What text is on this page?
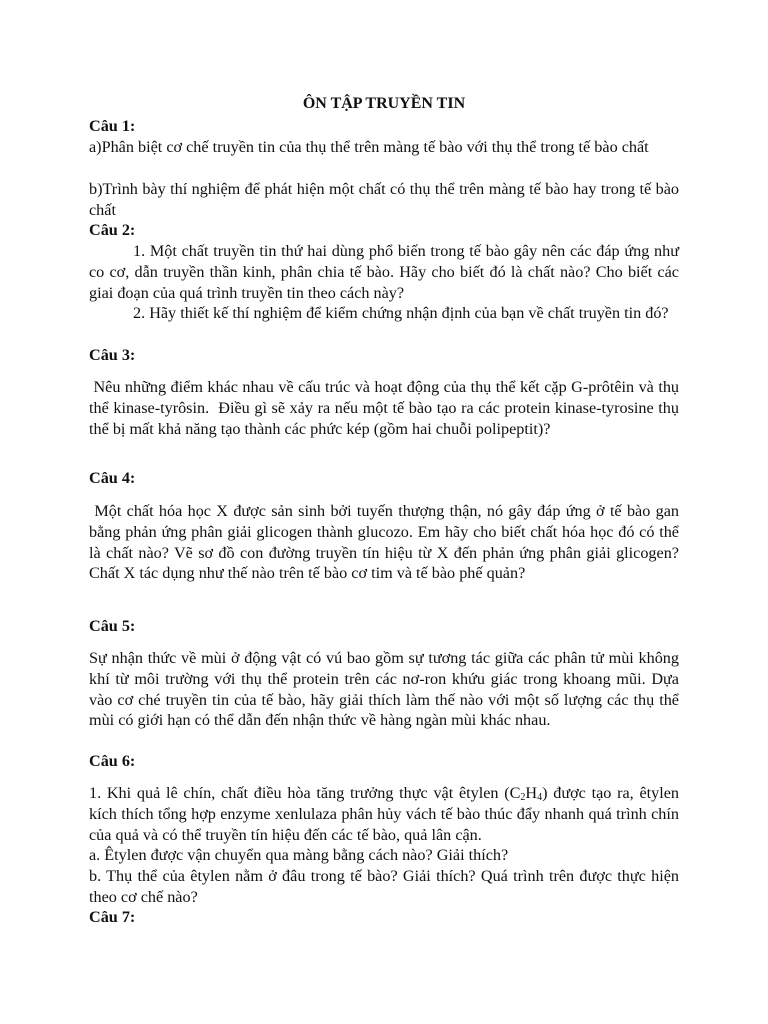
ÔN TẬP TRUYỀN TIN
Câu 1:
a)Phân biệt cơ chế truyền tin của thụ thể trên màng tế bào với thụ thể trong tế bào chất
b)Trình bày thí nghiệm để phát hiện một chất có thụ thể trên màng tế bào hay trong tế bào chất
Câu 2:
1. Một chất truyền tin thứ hai dùng phổ biến trong tế bào gây nên các đáp ứng như co cơ, dẫn truyền thần kinh, phân chia tế bào. Hãy cho biết đó là chất nào? Cho biết các giai đoạn của quá trình truyền tin theo cách này?
2. Hãy thiết kế thí nghiệm để kiểm chứng nhận định của bạn về chất truyền tin đó?
Câu 3:
Nêu những điểm khác nhau về cấu trúc và hoạt động của thụ thể kết cặp G-prôtêin và thụ thể kinase-tyrôsin.  Điều gì sẽ xảy ra nếu một tế bào tạo ra các protein kinase-tyrosine thụ thể bị mất khả năng tạo thành các phức kép (gồm hai chuỗi polipeptit)?
Câu 4:
Một chất hóa học X được sản sinh bởi tuyến thượng thận, nó gây đáp ứng ở tế bào gan bằng phản ứng phân giải glicogen thành glucozo. Em hãy cho biết chất hóa học đó có thể là chất nào? Vẽ sơ đồ con đường truyền tín hiệu từ X đến phản ứng phân giải glicogen? Chất X tác dụng như thế nào trên tế bào cơ tim và tế bào phế quản?
Câu 5:
Sự nhận thức về mùi ở động vật có vú bao gồm sự tương tác giữa các phân tử mùi không khí từ môi trường với thụ thể protein trên các nơ-ron khứu giác trong khoang mũi. Dựa vào cơ ché truyền tin của tế bào, hãy giải thích làm thế nào với một số lượng các thụ thể mùi có giới hạn có thể dẫn đến nhận thức về hàng ngàn mùi khác nhau.
Câu 6:
1. Khi quả lê chín, chất điều hòa tăng trưởng thực vật êtylen $(C_2H_4)$ được tạo ra, êtylen kích thích tổng hợp enzyme xenlulaza phân hủy vách tế bào thúc đẩy nhanh quá trình chín của quả và có thể truyền tín hiệu đến các tế bào, quả lân cận.
a. Êtylen được vận chuyển qua màng bằng cách nào? Giải thích?
b. Thụ thể của êtylen nằm ở đâu trong tế bào? Giải thích? Quá trình trên được thực hiện theo cơ chế nào?
Câu 7:
